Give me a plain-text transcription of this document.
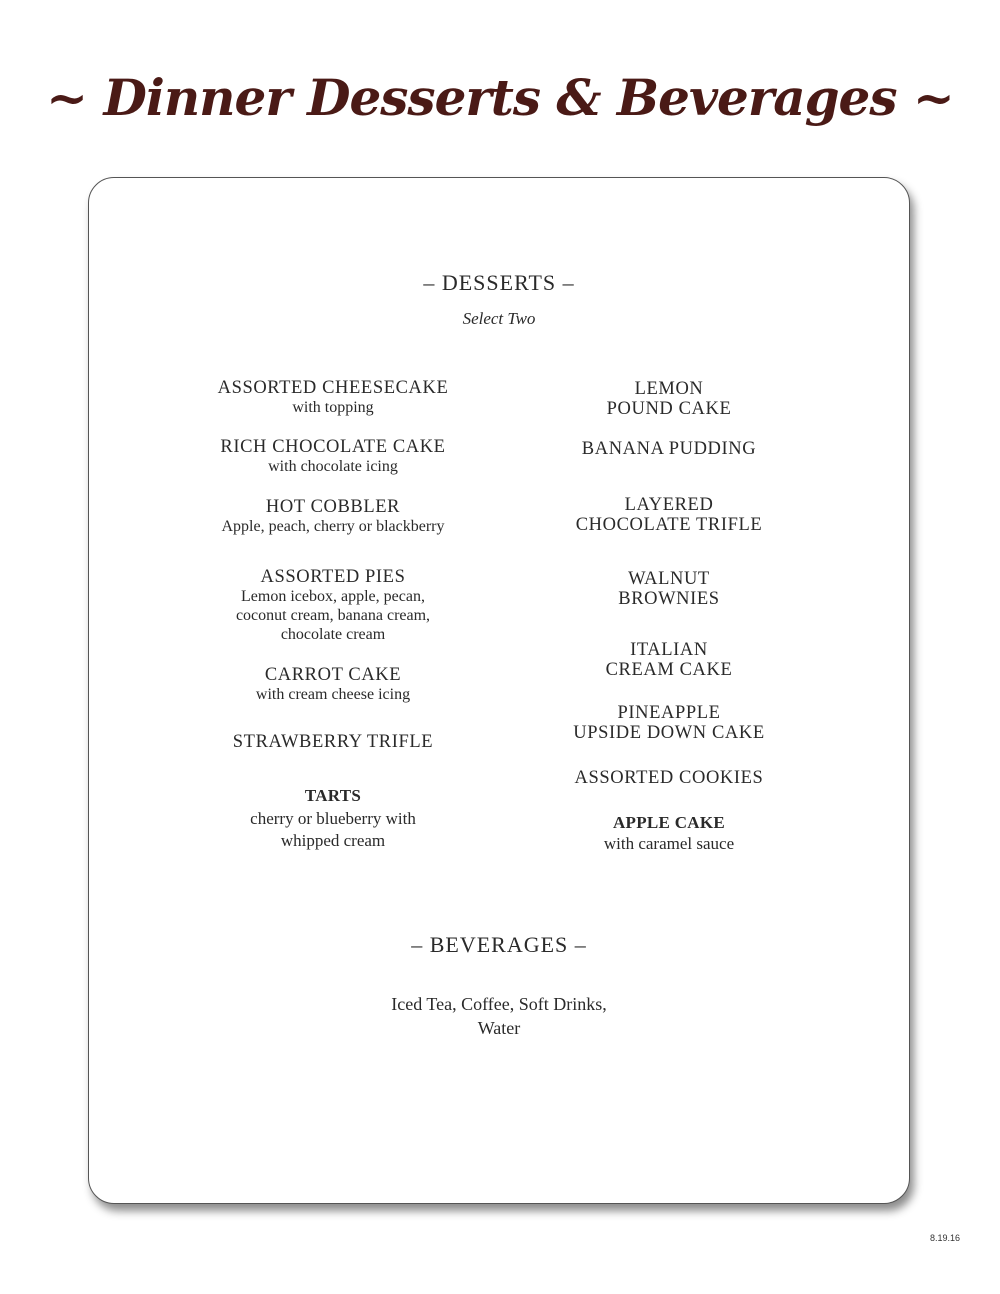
~ Dinner Desserts & Beverages ~
– DESSERTS –
Select Two
ASSORTED CHEESECAKE
with topping
RICH CHOCOLATE CAKE
with chocolate icing
HOT COBBLER
Apple, peach, cherry or blackberry
ASSORTED PIES
Lemon icebox, apple, pecan,
coconut cream, banana cream,
chocolate cream
CARROT CAKE
with cream cheese icing
STRAWBERRY TRIFLE
TARTS
cherry or blueberry with
whipped cream
LEMON
POUND CAKE
BANANA PUDDING
LAYERED
CHOCOLATE TRIFLE
WALNUT
BROWNIES
ITALIAN
CREAM CAKE
PINEAPPLE
UPSIDE DOWN CAKE
ASSORTED COOKIES
APPLE CAKE
with caramel sauce
– BEVERAGES –
Iced Tea, Coffee, Soft Drinks,
Water
8.19.16
